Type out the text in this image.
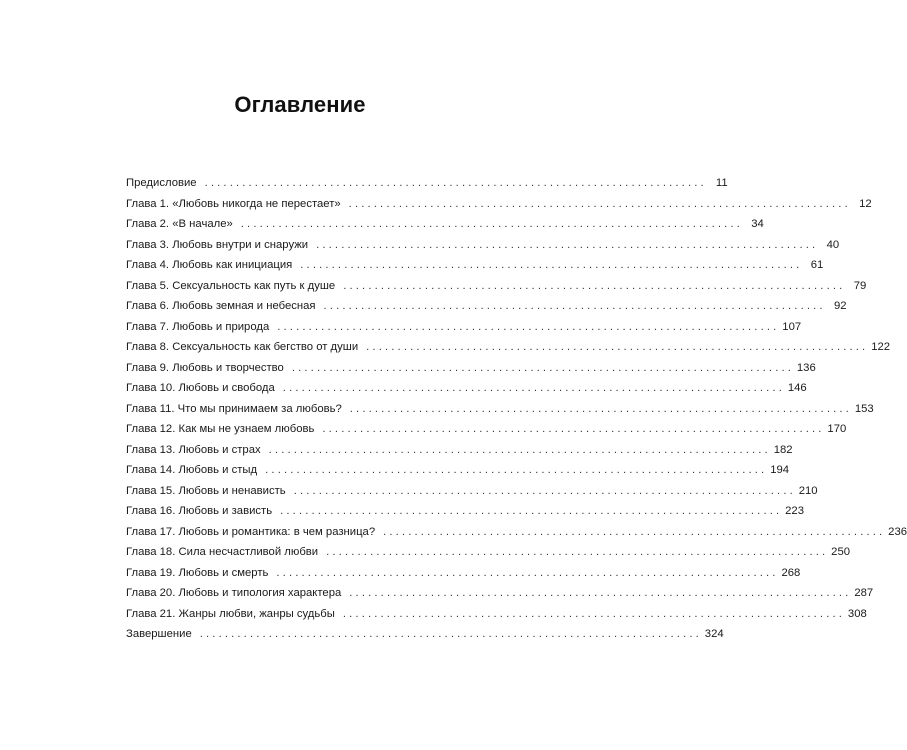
Оглавление
Предисловие . . . . . . . . . . . . . . . . . . . . . . . . . . . . . . . . . . . . . . . . . . . . . . . . . . . . . . . . . . . . . . . . . . . . . . . . . . . . . . . .	11
Глава 1. «Любовь никогда не перестает» . . . . . . . . . . . . . . . . . . . . . . . . . . . . . . . . . . . . . . . . . . . . . . . . . . . . . . . . . . . . . . . . . . . . . . . . . . . . . . . .	12
Глава 2. «В начале» . . . . . . . . . . . . . . . . . . . . . . . . . . . . . . . . . . . . . . . . . . . . . . . . . . . . . . . . . . . . . . . . . . . . . . . . . . . . . . . .	34
Глава 3. Любовь внутри и снаружи . . . . . . . . . . . . . . . . . . . . . . . . . . . . . . . . . . . . . . . . . . . . . . . . . . . . . . . . . . . . . . . . . . . . . . . . . . . . . . . .	40
Глава 4. Любовь как инициация . . . . . . . . . . . . . . . . . . . . . . . . . . . . . . . . . . . . . . . . . . . . . . . . . . . . . . . . . . . . . . . . . . . . . . . . . . . . . . . .	61
Глава 5. Сексуальность как путь к душе . . . . . . . . . . . . . . . . . . . . . . . . . . . . . . . . . . . . . . . . . . . . . . . . . . . . . . . . . . . . . . . . . . . . . . . . . . . . . . . .	79
Глава 6. Любовь земная и небесная . . . . . . . . . . . . . . . . . . . . . . . . . . . . . . . . . . . . . . . . . . . . . . . . . . . . . . . . . . . . . . . . . . . . . . . . . . . . . . . .	92
Глава 7. Любовь и природа . . . . . . . . . . . . . . . . . . . . . . . . . . . . . . . . . . . . . . . . . . . . . . . . . . . . . . . . . . . . . . . . . . . . . . . . . . . . . . . . 107
Глава 8. Сексуальность как бегство от души . . . . . . . . . . . . . . . . . . . . . . . . . . . . . . . . . . . . . . . . . . . . . . . . . . . . . . . . . . . . . . . . . . . . . . . . . . . . . . . . 122
Глава 9. Любовь и творчество . . . . . . . . . . . . . . . . . . . . . . . . . . . . . . . . . . . . . . . . . . . . . . . . . . . . . . . . . . . . . . . . . . . . . . . . . . . . . . . . 136
Глава 10. Любовь и свобода . . . . . . . . . . . . . . . . . . . . . . . . . . . . . . . . . . . . . . . . . . . . . . . . . . . . . . . . . . . . . . . . . . . . . . . . . . . . . . . . 146
Глава 11. Что мы принимаем за любовь? . . . . . . . . . . . . . . . . . . . . . . . . . . . . . . . . . . . . . . . . . . . . . . . . . . . . . . . . . . . . . . . . . . . . . . . . . . . . . . . . 153
Глава 12. Как мы не узнаем любовь . . . . . . . . . . . . . . . . . . . . . . . . . . . . . . . . . . . . . . . . . . . . . . . . . . . . . . . . . . . . . . . . . . . . . . . . . . . . . . . . 170
Глава 13. Любовь и страх . . . . . . . . . . . . . . . . . . . . . . . . . . . . . . . . . . . . . . . . . . . . . . . . . . . . . . . . . . . . . . . . . . . . . . . . . . . . . . . . 182
Глава 14. Любовь и стыд . . . . . . . . . . . . . . . . . . . . . . . . . . . . . . . . . . . . . . . . . . . . . . . . . . . . . . . . . . . . . . . . . . . . . . . . . . . . . . . . 194
Глава 15. Любовь и ненависть . . . . . . . . . . . . . . . . . . . . . . . . . . . . . . . . . . . . . . . . . . . . . . . . . . . . . . . . . . . . . . . . . . . . . . . . . . . . . . . . 210
Глава 16. Любовь и зависть . . . . . . . . . . . . . . . . . . . . . . . . . . . . . . . . . . . . . . . . . . . . . . . . . . . . . . . . . . . . . . . . . . . . . . . . . . . . . . . . 223
Глава 17. Любовь и романтика: в чем разница? . . . . . . . . . . . . . . . . . . . . . . . . . . . . . . . . . . . . . . . . . . . . . . . . . . . . . . . . . . . . . . . . . . . . . . . . . . . . . . . . 236
Глава 18. Сила несчастливой любви . . . . . . . . . . . . . . . . . . . . . . . . . . . . . . . . . . . . . . . . . . . . . . . . . . . . . . . . . . . . . . . . . . . . . . . . . . . . . . . . 250
Глава 19. Любовь и смерть . . . . . . . . . . . . . . . . . . . . . . . . . . . . . . . . . . . . . . . . . . . . . . . . . . . . . . . . . . . . . . . . . . . . . . . . . . . . . . . . 268
Глава 20. Любовь и типология характера . . . . . . . . . . . . . . . . . . . . . . . . . . . . . . . . . . . . . . . . . . . . . . . . . . . . . . . . . . . . . . . . . . . . . . . . . . . . . . . . 287
Глава 21. Жанры любви, жанры судьбы . . . . . . . . . . . . . . . . . . . . . . . . . . . . . . . . . . . . . . . . . . . . . . . . . . . . . . . . . . . . . . . . . . . . . . . . . . . . . . . . 308
Завершение . . . . . . . . . . . . . . . . . . . . . . . . . . . . . . . . . . . . . . . . . . . . . . . . . . . . . . . . . . . . . . . . . . . . . . . . . . . . . . . . 324
